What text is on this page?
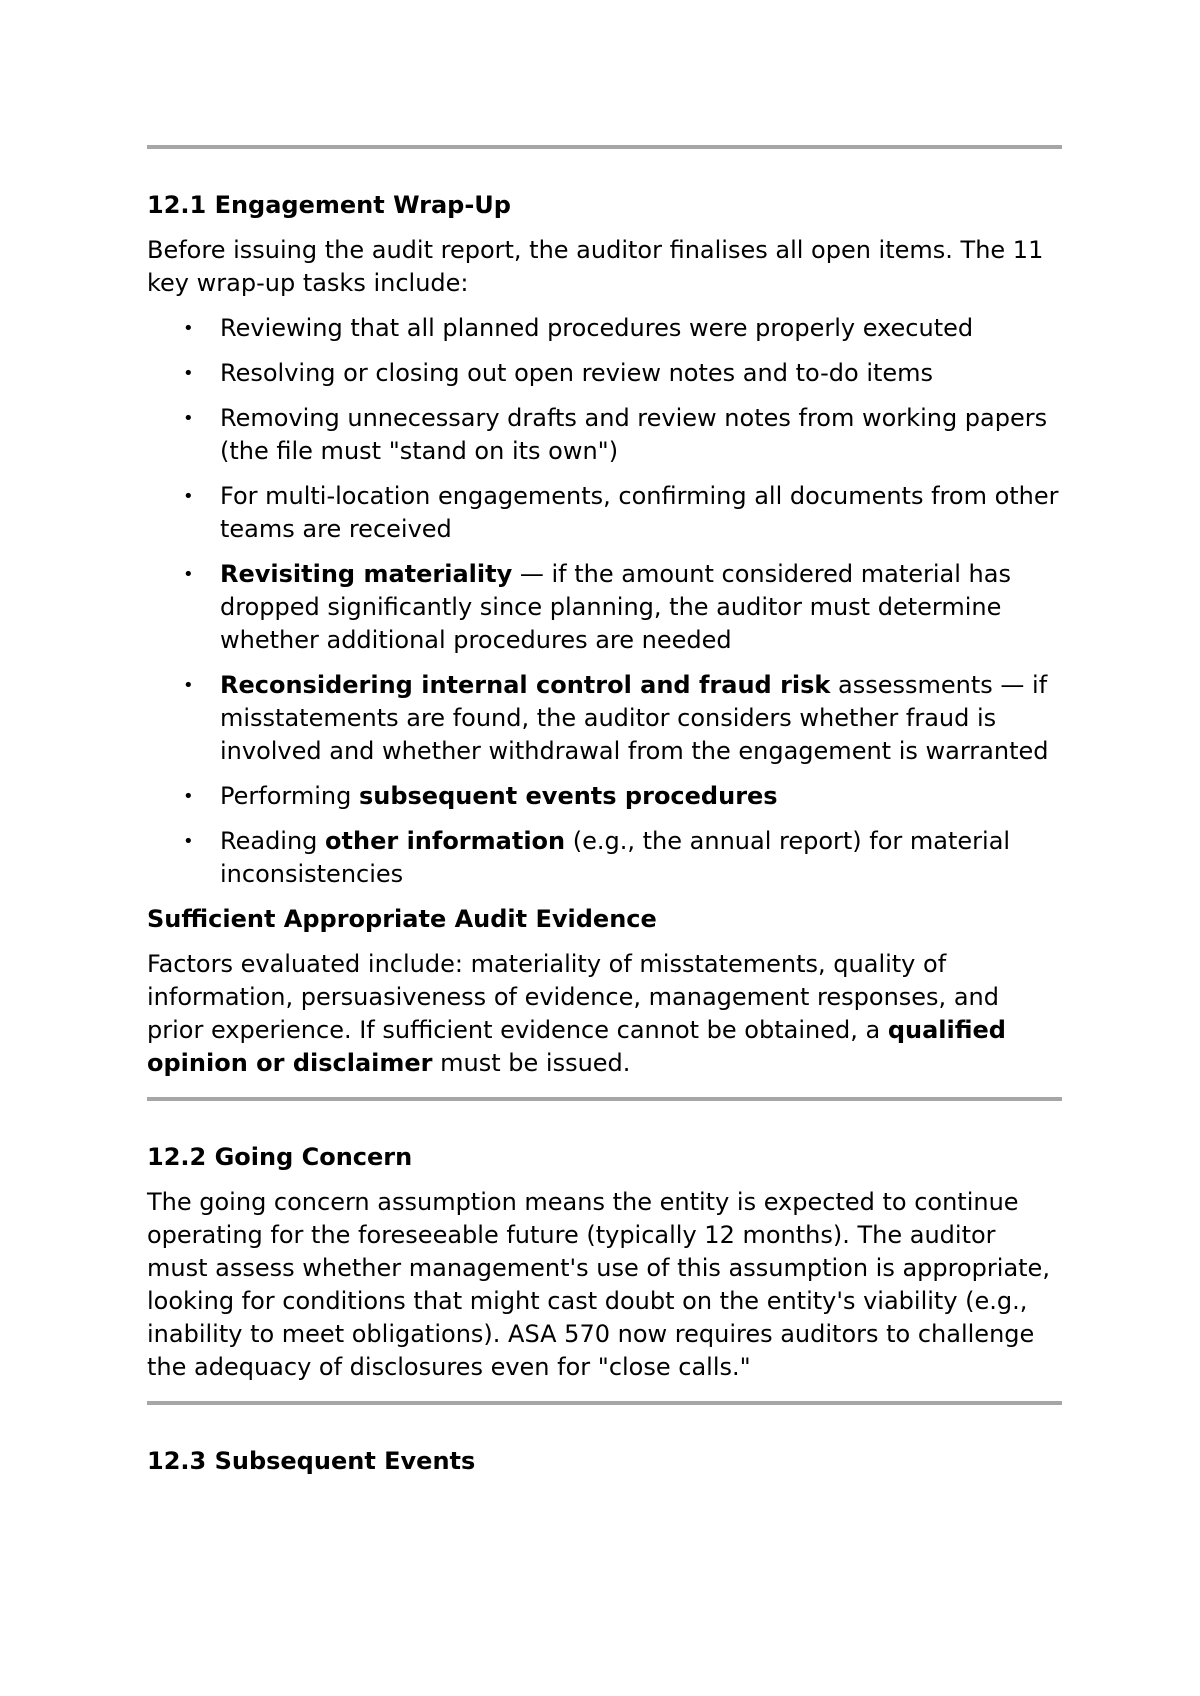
12.1 Engagement Wrap-Up

Before issuing the audit report, the auditor finalises all open items. The 11 key wrap-up tasks include:

• Reviewing that all planned procedures were properly executed
• Resolving or closing out open review notes and to-do items
• Removing unnecessary drafts and review notes from working papers (the file must "stand on its own")
• For multi-location engagements, confirming all documents from other teams are received
• Revisiting materiality — if the amount considered material has dropped significantly since planning, the auditor must determine whether additional procedures are needed
• Reconsidering internal control and fraud risk assessments — if misstatements are found, the auditor considers whether fraud is involved and whether withdrawal from the engagement is warranted
• Performing subsequent events procedures
• Reading other information (e.g., the annual report) for material inconsistencies
Sufficient Appropriate Audit Evidence

Factors evaluated include: materiality of misstatements, quality of information, persuasiveness of evidence, management responses, and prior experience. If sufficient evidence cannot be obtained, a qualified opinion or disclaimer must be issued.

12.2 Going Concern

The going concern assumption means the entity is expected to continue operating for the foreseeable future (typically 12 months). The auditor must assess whether management's use of this assumption is appropriate, looking for conditions that might cast doubt on the entity's viability (e.g., inability to meet obligations). ASA 570 now requires auditors to challenge the adequacy of disclosures even for "close calls."

12.3 Subsequent Events
